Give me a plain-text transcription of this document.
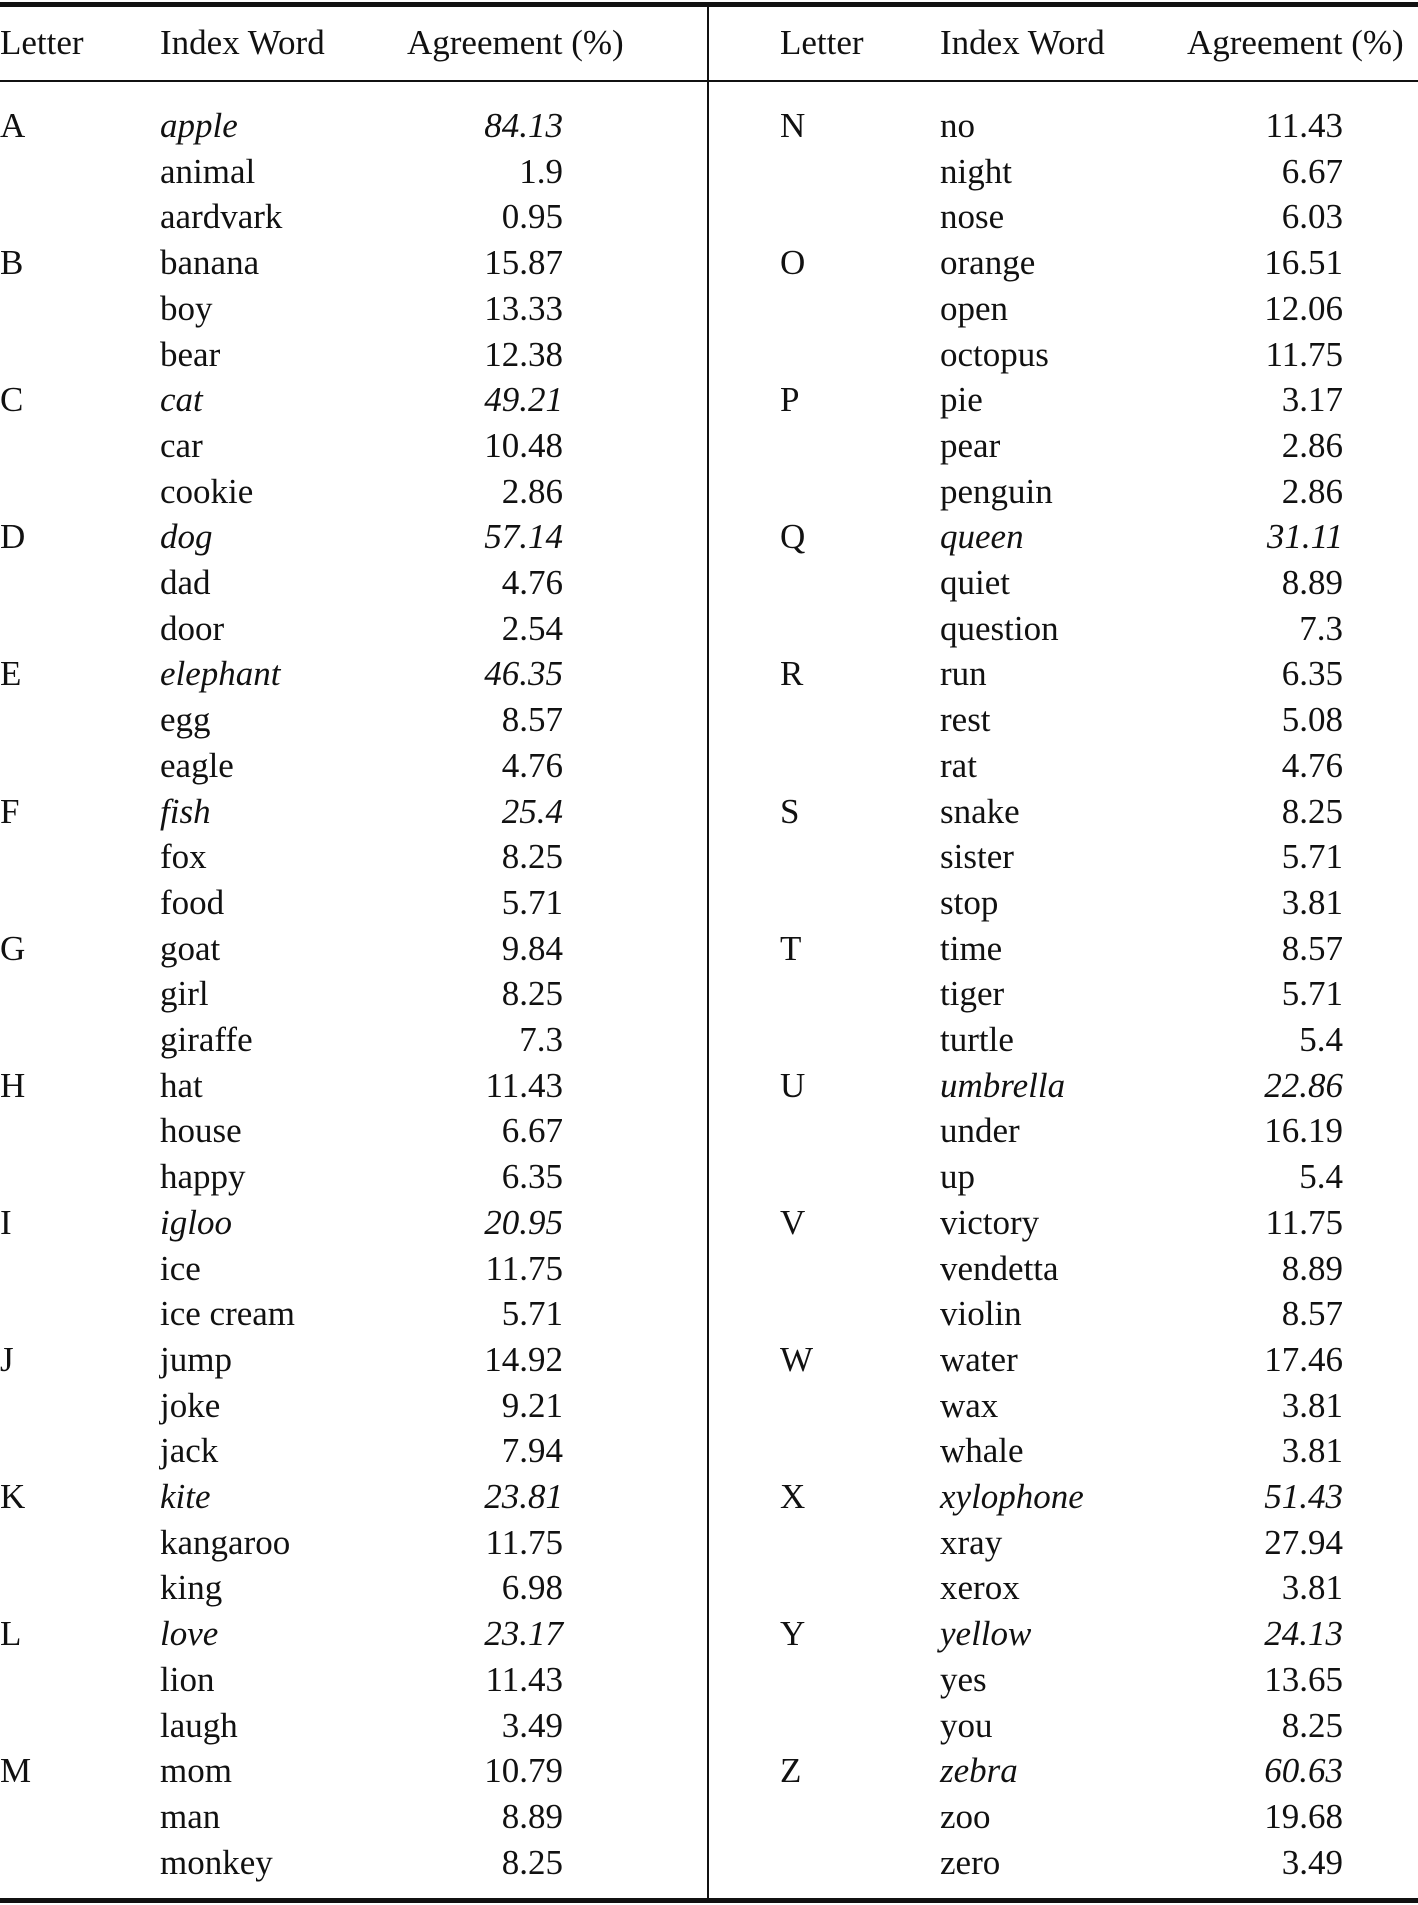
Letter Index Word Agreement (%)	Letter Index Word Agreement (%)
A	apple	84.13
animal	1.9
aardvark	0.95
B	banana	15.87
boy	13.33
bear	12.38
C	cat	49.21
car	10.48
cookie	2.86
D	dog	57.14
dad	4.76
door	2.54
E	elephant	46.35
egg	8.57
eagle	4.76
F	fish	25.4
fox	8.25
food	5.71
G	goat	9.84
girl	8.25
giraffe	7.3
H	hat	11.43
house	6.67
happy	6.35
I	igloo	20.95
ice	11.75
ice cream	5.71
J	jump	14.92
joke	9.21
jack	7.94
K	kite	23.81
kangaroo	11.75
king	6.98
L	love	23.17
lion	11.43
laugh	3.49
M	mom	10.79
man	8.89
monkey	8.25
N	no	11.43
night	6.67
nose	6.03
O	orange	16.51
open	12.06
octopus	11.75
P	pie	3.17
pear	2.86
penguin	2.86
Q	queen	31.11
quiet	8.89
question	7.3
R	run	6.35
rest	5.08
rat	4.76
S	snake	8.25
sister	5.71
stop	3.81
T	time	8.57
tiger	5.71
turtle	5.4
U	umbrella	22.86
under	16.19
up	5.4
V	victory	11.75
vendetta	8.89
violin	8.57
W	water	17.46
wax	3.81
whale	3.81
X	xylophone	51.43
xray	27.94
xerox	3.81
Y	yellow	24.13
yes	13.65
you	8.25
Z	zebra	60.63
zoo	19.68
zero	3.49
